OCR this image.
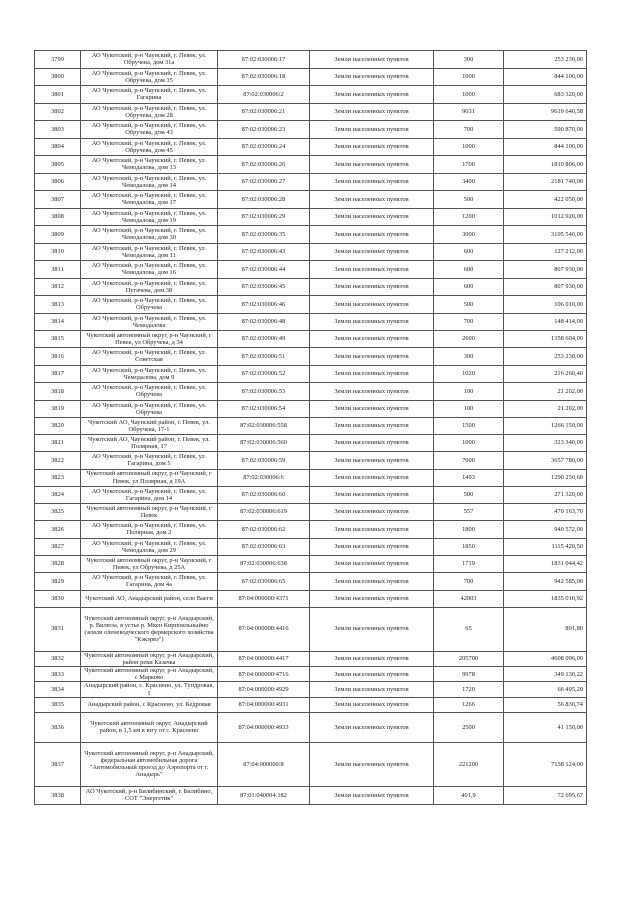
3799	АО Чукотский, р-н Чаунский, г. Певек, ул. Обручева, дом 31а	87:02:030006:17	Земли населенных пунктов	300	253 230,00
3800	АО Чукотский, р-н Чаунский, г. Певек, ул. Обручева, дом 35	87:02:030006:18	Земли населенных пунктов	1000	844 100,00
3801	АО Чукотский, р-н Чаунский, г. Певек, ул. Гагарина	87:02:030006:2	Земли населенных пунктов	1000	683 320,00
3802	АО Чукотский, р-н Чаунский, г. Певек, ул. Обручева, дом 28	87:02:030006:21	Земли населенных пунктов	9031	9619 640,58
3803	АО Чукотский, р-н Чаунский, г. Певек, ул. Обручева, дом 43	87:02:030006:23	Земли населенных пунктов	700	590 870,00
3804	АО Чукотский, р-н Чаунский, г. Певек, ул. Обручева, дом 45	87:02:030006:24	Земли населенных пунктов	1000	844 100,00
3805	АО Чукотский, р-н Чаунский, г. Певек, ул. Чемодалова, дом 13	87:02:030006:26	Земли населенных пунктов	1700	1810 806,00
3806	АО Чукотский, р-н Чаунский, г. Певек, ул. Чемодалова, дом 14	87:02:030006:27	Земли населенных пунктов	3400	2181 740,00
3807	АО Чукотский, р-н Чаунский, г. Певек, ул. Чемодалова, дом 17	87:02:030006:28	Земли населенных пунктов	500	422 050,00
3808	АО Чукотский, р-н Чаунский, г. Певек, ул. Чемодалова, дом 19	87:02:030006:29	Земли населенных пунктов	1200	1012 920,00
3809	АО Чукотский, р-н Чаунский, г. Певек, ул. Чемодалова, дом 30	87:02:030006:35	Земли населенных пунктов	3000	3195 540,00
3810	АО Чукотский, р-н Чаунский, г. Певек, ул. Чемодалова, дом 11	87:02:030006:43	Земли населенных пунктов	600	127 212,00
3811	АО Чукотский, р-н Чаунский, г. Певек, ул. Чемодалова, дом 16	87:02:030006:44	Земли населенных пунктов	600	807 930,00
3812	АО Чукотский, р-н Чаунский, г. Певек, ул. Пугачева, дом 38	87:02:030006:45	Земли населенных пунктов	600	807 930,00
3813	АО Чукотский, р-н Чаунский, г. Певек, ул. Обручева	87:02:030006:46	Земли населенных пунктов	500	106 010,00
3814	АО Чукотский, р-н Чаунский, г. Певек, ул. Чемодалова	87:02:030006:48	Земли населенных пунктов	700	148 414,00
3815	Чукотский автономный округ, р-н Чаунский, г Певек, ул Обручева, д 34	87:02:030006:49	Земли населенных пунктов	2600	1358 604,00
3816	АО Чукотский, р-н Чаунский, г. Певек, ул. Советская	87:02:030006:51	Земли населенных пунктов	300	253 230,00
3817	АО Чукотский, р-н Чаунский, г. Певек, ул. Чемодалова, дом 9	87:02:030006:52	Земли населенных пунктов	1020	216 260,40
3818	АО Чукотский, р-н Чаунский, г. Певек, ул. Обручева	87:02:030006:53	Земли населенных пунктов	100	21 202,00
3819	АО Чукотский, р-н Чаунский, г. Певек, ул. Обручева	87:02:030006:54	Земли населенных пунктов	100	21 202,00
3820	Чукотский АО, Чаунский район, г. Певек, ул. Обручева, 17-1	87:02:030006:558	Земли населенных пунктов	1500	1266 150,00
3821	Чукотский АО, Чаунский район, г. Певек, ул. Полярная, 17	87:02:030006:560	Земли населенных пунктов	1000	323 340,00
3822	АО Чукотский, р-н Чаунский, г. Певек, ул. Гагарина, дом 5	87:02:030006:59	Земли населенных пунктов	7000	3657 780,00
3823	Чукотский автономный округ, р-н Чаунский, г Певек, ул Полярная, д 19А	87:02:030006:6	Земли населенных пунктов	1493	1290 250,60
3824	АО Чукотский, р-н Чаунский, г. Певек, ул. Гагарина, дом 14	87:02:030006:60	Земли населенных пунктов	500	271 320,00
3825	Чукотский автономный округ, р-н Чаунский, г Певек	87:02:030006:619	Земли населенных пунктов	557	470 163,70
3826	АО Чукотский, р-н Чаунский, г. Певек, ул. Полярная, дом 2	87:02:030006:62	Земли населенных пунктов	1800	940 572,00
3827	АО Чукотский, р-н Чаунский, г. Певек, ул. Чемодалова, дом 29	87:02:030006:63	Земли населенных пунктов	1850	1115 420,50
3828	Чукотский автономный округ, р-н Чаунский, г Певек, ул Обручева, д 25А	87:02:030006:638	Земли населенных пунктов	1719	1831 044,42
3829	АО Чукотский, р-н Чаунский, г. Певек, ул. Гагарина, дом 4а	87:02:030006:65	Земли населенных пунктов	700	942 585,00
3830	Чукотский АО, Анадырский район, село Ваеги	87:04:000000:4371	Земли населенных пунктов	42003	1835 010,92
3831	Чукотский автономный округ, р-н Анадырский, р. Вилюза, в устье р. Мкен Кирпонльныйно (земли оленеводческого фермерского хозяйства "Кэкэрвэ")	87:04:000000:4416	Земли населенных пунктов	65	891,80
3832	Чукотский автономный округ, р-н Анадырский, район реки Казачка	87:04:000000:4417	Земли населенных пунктов	205700	4608 096,00
3833	Чукотский автономный округ, р-н Анадырский, с Марково	87:04:000000:4716	Земли населенных пунктов	9978	349 130,22
3834	Анадырский район, с. Краснено, ул. Тундровая, 1	87:04:000000:4929	Земли населенных пунктов	1720	66 495,20
3835	Анадырский район, с Краснено, ул. Кедровая	87:04:000000:4931	Земли населенных пунктов	1266	56 830,74
3836	Чукотский автономный округ, Анадырский район, в 1,5 км к югу от с. Краснено	87:04:000000:4933	Земли населенных пунктов	2500	41 150,00
3837	Чукотский автономный округ, р-н Анадырский, федеральная автомобильная дорога "Автомобильный проезд до Аэропорта от г. Анадырь"	87:04:000000:8	Земли населенных пунктов	221200	7138 124,00
3838	АО Чукотский, р-н Билибинский, г. Билибино, СОТ "Энергетик"	87:01:040004:182	Земли населенных пунктов	401,9	72 695,67
